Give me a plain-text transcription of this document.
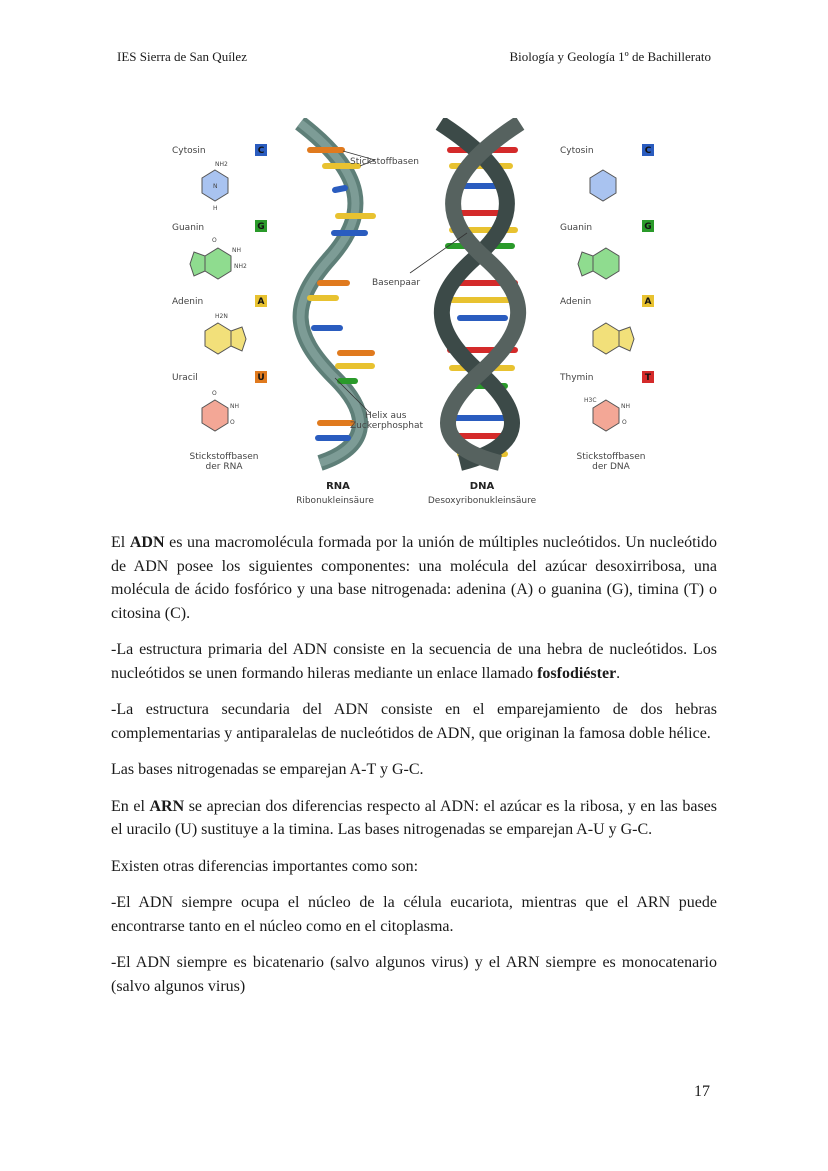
IES Sierra de San Quílez	Biología y Geología 1º de Bachillerato
Cytosin
Guanin
Adenin
Uracil
Cytosin
Guanin
Adenin
Thymin
C
G
A
U
C
G
A
T
NH2
O
NH
NH2
H2N
O
NH
O
H3C
NH
O
N
H
Stickstoffbasen
Basenpaar
Helix aus
Zuckerphosphat
Stickstoffbasen
der RNA
Stickstoffbasen
der DNA
RNA
Ribonukleinsäure
DNA
Desoxyribonukleinsäure

El ADN es una macromolécula formada por la unión de múltiples nucleótidos. Un nucleótido de ADN posee los siguientes componentes: una molécula del azúcar desoxirribosa, una molécula de ácido fosfórico y una base nitrogenada: adenina (A) o guanina (G), timina (T) o citosina (C).

-La estructura primaria del ADN consiste en la secuencia de una hebra de nucleótidos. Los nucleótidos se unen formando hileras mediante un enlace llamado fosfodiéster.

-La estructura secundaria del ADN consiste en el emparejamiento de dos hebras complementarias y antiparalelas de nucleótidos de ADN, que originan la famosa doble hélice.

Las bases nitrogenadas se emparejan A-T y G-C.

En el ARN se aprecian dos diferencias respecto al ADN: el azúcar es la ribosa, y en las bases el uracilo (U) sustituye a la timina. Las bases nitrogenadas se emparejan A-U y G-C.

Existen otras diferencias importantes como son:

-El ADN siempre ocupa el núcleo de la célula eucariota, mientras que el ARN puede encontrarse tanto en el núcleo como en el citoplasma.

-El ADN siempre es bicatenario (salvo algunos virus) y el ARN siempre es monocatenario (salvo algunos virus)

17
